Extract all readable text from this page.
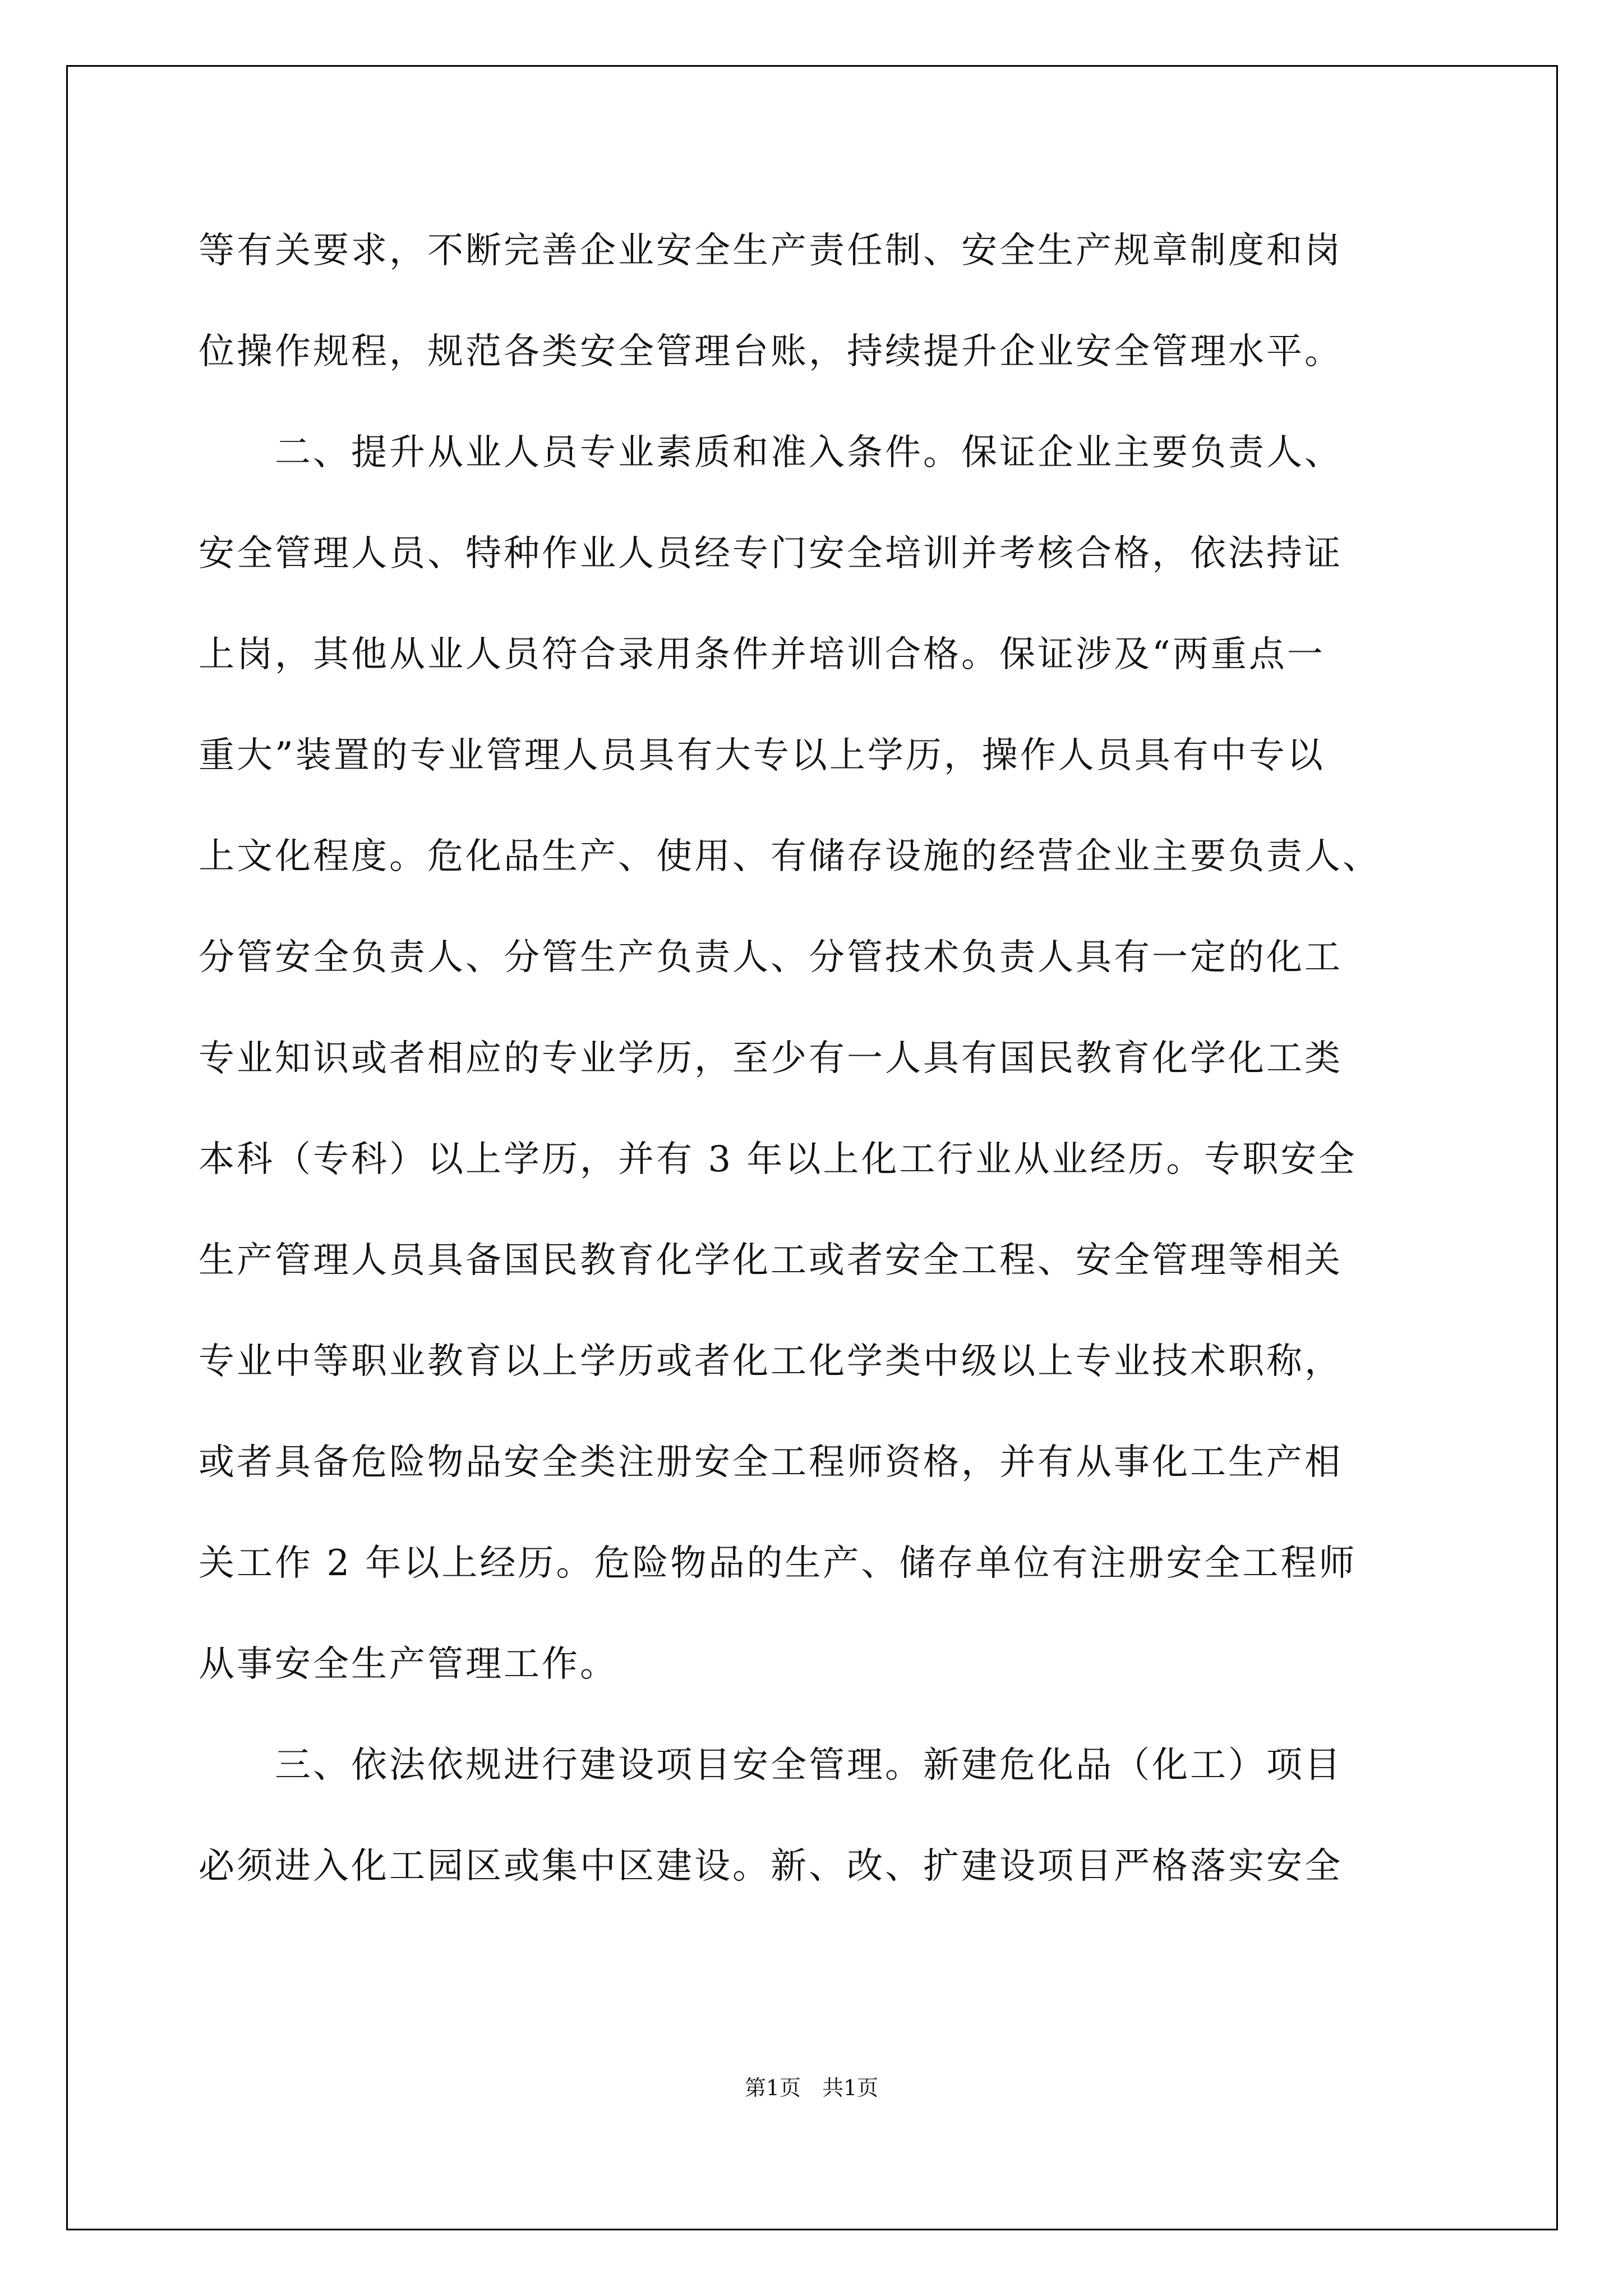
等有关要求，不断完善企业安全生产责任制、安全生产规章制度和岗
位操作规程，规范各类安全管理台账，持续提升企业安全管理水平。
　　二、提升从业人员专业素质和准入条件。保证企业主要负责人、
安全管理人员、特种作业人员经专门安全培训并考核合格，依法持证
上岗，其他从业人员符合录用条件并培训合格。保证涉及“两重点一
重大”装置的专业管理人员具有大专以上学历，操作人员具有中专以
上文化程度。危化品生产、使用、有储存设施的经营企业主要负责人、
分管安全负责人、分管生产负责人、分管技术负责人具有一定的化工
专业知识或者相应的专业学历，至少有一人具有国民教育化学化工类
本科（专科）以上学历，并有 3 年以上化工行业从业经历。专职安全
生产管理人员具备国民教育化学化工或者安全工程、安全管理等相关
专业中等职业教育以上学历或者化工化学类中级以上专业技术职称，
或者具备危险物品安全类注册安全工程师资格，并有从事化工生产相
关工作 2 年以上经历。危险物品的生产、储存单位有注册安全工程师
从事安全生产管理工作。
　　三、依法依规进行建设项目安全管理。新建危化品（化工）项目
必须进入化工园区或集中区建设。新、改、扩建设项目严格落实安全
第1页　共1页
